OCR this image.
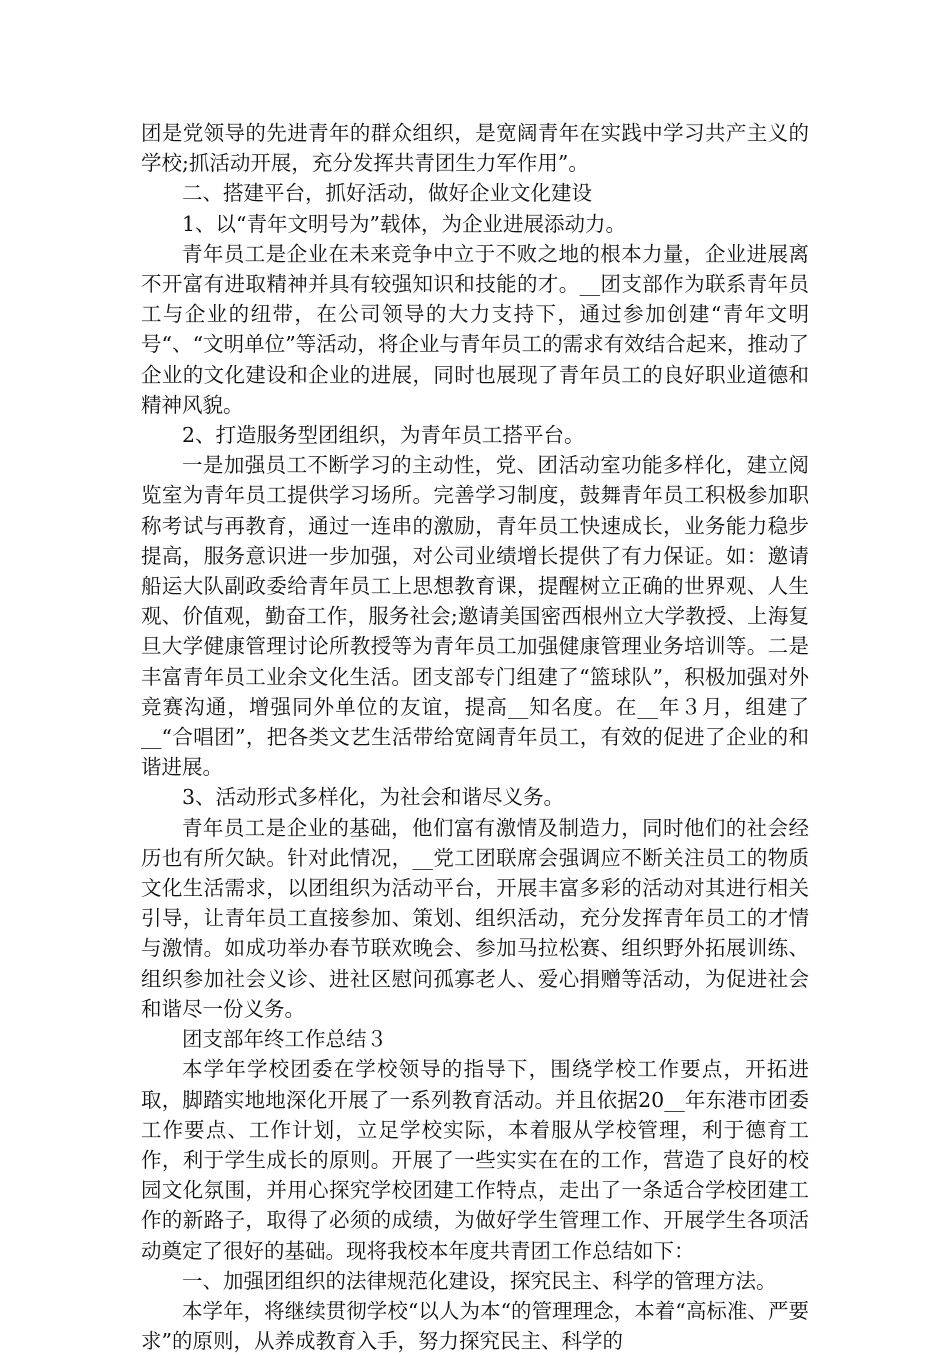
团是党领导的先进青年的群众组织，是宽阔青年在实践中学习共产主义的学校;抓活动开展，充分发挥共青团生力军作用”。

二、搭建平台，抓好活动，做好企业文化建设

1、以“青年文明号为”载体，为企业进展添动力。

青年员工是企业在未来竞争中立于不败之地的根本力量，企业进展离不开富有进取精神并具有较强知识和技能的才。__团支部作为联系青年员工与企业的纽带，在公司领导的大力支持下，通过参加创建“青年文明号“、“文明单位”等活动，将企业与青年员工的需求有效结合起来，推动了企业的文化建设和企业的进展，同时也展现了青年员工的良好职业道德和精神风貌。

2、打造服务型团组织，为青年员工搭平台。

一是加强员工不断学习的主动性，党、团活动室功能多样化，建立阅览室为青年员工提供学习场所。完善学习制度，鼓舞青年员工积极参加职称考试与再教育，通过一连串的激励，青年员工快速成长，业务能力稳步提高，服务意识进一步加强，对公司业绩增长提供了有力保证。如：邀请船运大队副政委给青年员工上思想教育课，提醒树立正确的世界观、人生观、价值观，勤奋工作，服务社会;邀请美国密西根州立大学教授、上海复旦大学健康管理讨论所教授等为青年员工加强健康管理业务培训等。二是丰富青年员工业余文化生活。团支部专门组建了“篮球队”，积极加强对外竞赛沟通，增强同外单位的友谊，提高__知名度。在__年３月，组建了__“合唱团”，把各类文艺生活带给宽阔青年员工，有效的促进了企业的和谐进展。

3、活动形式多样化，为社会和谐尽义务。

青年员工是企业的基础，他们富有激情及制造力，同时他们的社会经历也有所欠缺。针对此情况，__党工团联席会强调应不断关注员工的物质文化生活需求，以团组织为活动平台，开展丰富多彩的活动对其进行相关引导，让青年员工直接参加、策划、组织活动，充分发挥青年员工的才情与激情。如成功举办春节联欢晚会、参加马拉松赛、组织野外拓展训练、组织参加社会义诊、进社区慰问孤寡老人、爱心捐赠等活动，为促进社会和谐尽一份义务。

团支部年终工作总结３

本学年学校团委在学校领导的指导下，围绕学校工作要点，开拓进取，脚踏实地地深化开展了一系列教育活动。并且依据20__年东港市团委工作要点、工作计划，立足学校实际，本着服从学校管理，利于德育工作，利于学生成长的原则。开展了一些实实在在的工作，营造了良好的校园文化氛围，并用心探究学校团建工作特点，走出了一条适合学校团建工作的新路子，取得了必须的成绩，为做好学生管理工作、开展学生各项活动奠定了很好的基础。现将我校本年度共青团工作总结如下：

一、加强团组织的法律规范化建设，探究民主、科学的管理方法。

本学年，将继续贯彻学校“以人为本“的管理理念，本着“高标准、严要求”的原则，从养成教育入手，努力探究民主、科学的
